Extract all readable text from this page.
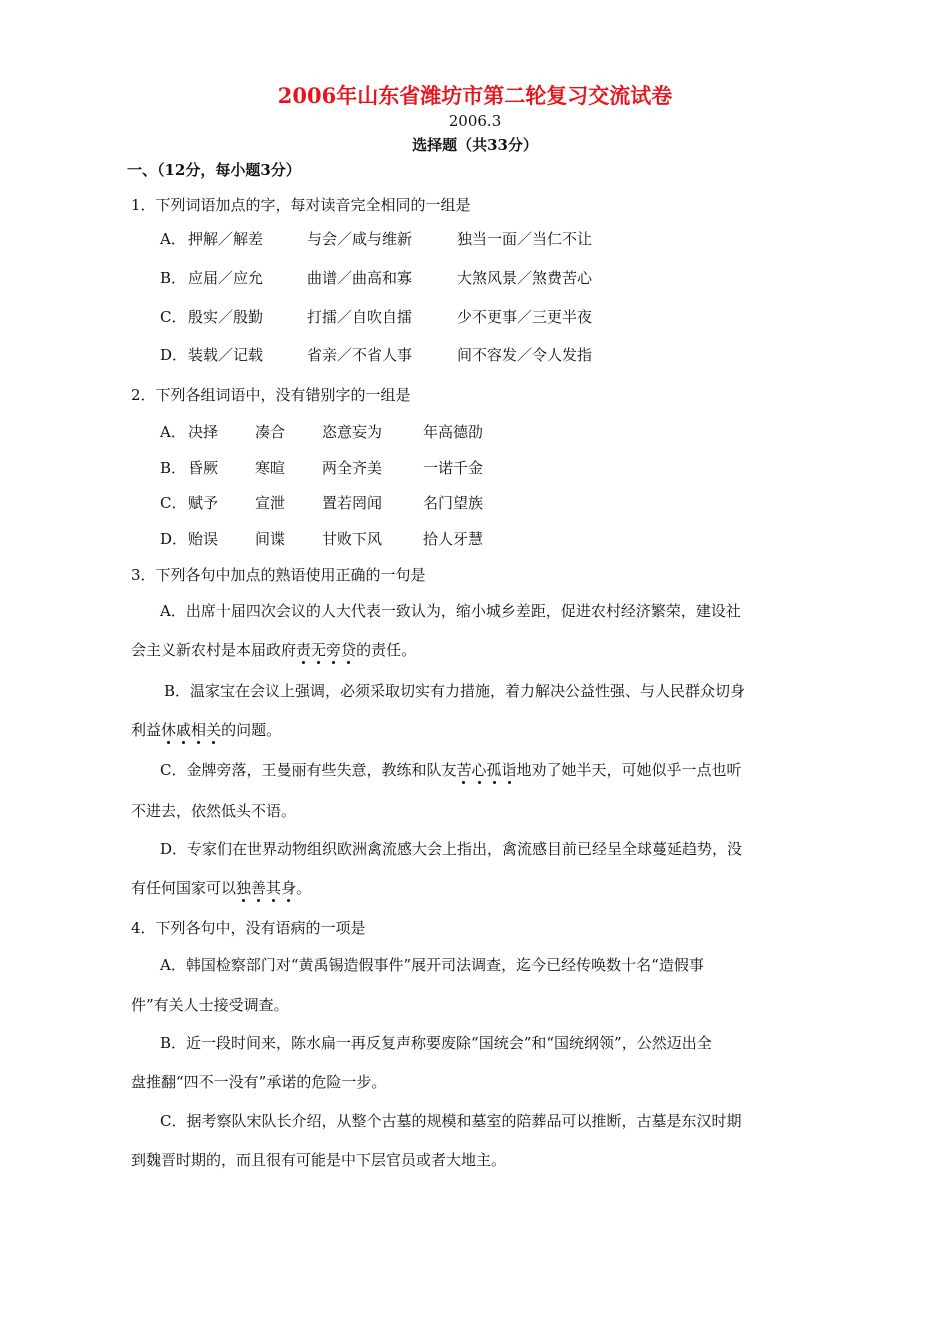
2006年山东省潍坊市第二轮复习交流试卷
2006.3
选择题（共33分）
一、（12分，每小题3分）
1．下列词语加点的字，每对读音完全相同的一组是
A． 押解／解差	与会／咸与维新	独当一面／当仁不让
B． 应届／应允	曲谱／曲高和寡	大煞风景／煞费苦心
C． 殷实／殷勤	打擂／自吹自擂	少不更事／三更半夜
D． 装载／记载	省亲／不省人事	间不容发／令人发指
2．下列各组词语中，没有错别字的一组是
A． 决择 凑合 恣意妄为	年高德劭
B． 昏厥 寒暄 两全齐美	一诺千金
C． 赋予 宣泄 置若罔闻	名门望族
D． 贻误 间谍 甘败下风	拾人牙慧
3．下列各句中加点的熟语使用正确的一句是
A．出席十届四次会议的人大代表一致认为，缩小城乡差距，促进农村经济繁荣，建设社
会主义新农村是本届政府责无旁贷的责任。
B．温家宝在会议上强调，必须采取切实有力措施，着力解决公益性强、与人民群众切身
利益休戚相关的问题。
C．金牌旁落，王曼丽有些失意，教练和队友苦心孤诣地劝了她半天，可她似乎一点也听
不进去，依然低头不语。
D．专家们在世界动物组织欧洲禽流感大会上指出，禽流感目前已经呈全球蔓延趋势，没
有任何国家可以独善其身。
4．下列各句中，没有语病的一项是
A．韩国检察部门对“黄禹锡造假事件”展开司法调查，迄今已经传唤数十名“造假事
件”有关人士接受调查。
B．近一段时间来，陈水扁一再反复声称要废除“国统会”和“国统纲领”，公然迈出全
盘推翻“四不一没有”承诺的危险一步。
C．据考察队宋队长介绍，从整个古墓的规模和墓室的陪葬品可以推断，古墓是东汉时期
到魏晋时期的，而且很有可能是中下层官员或者大地主。
